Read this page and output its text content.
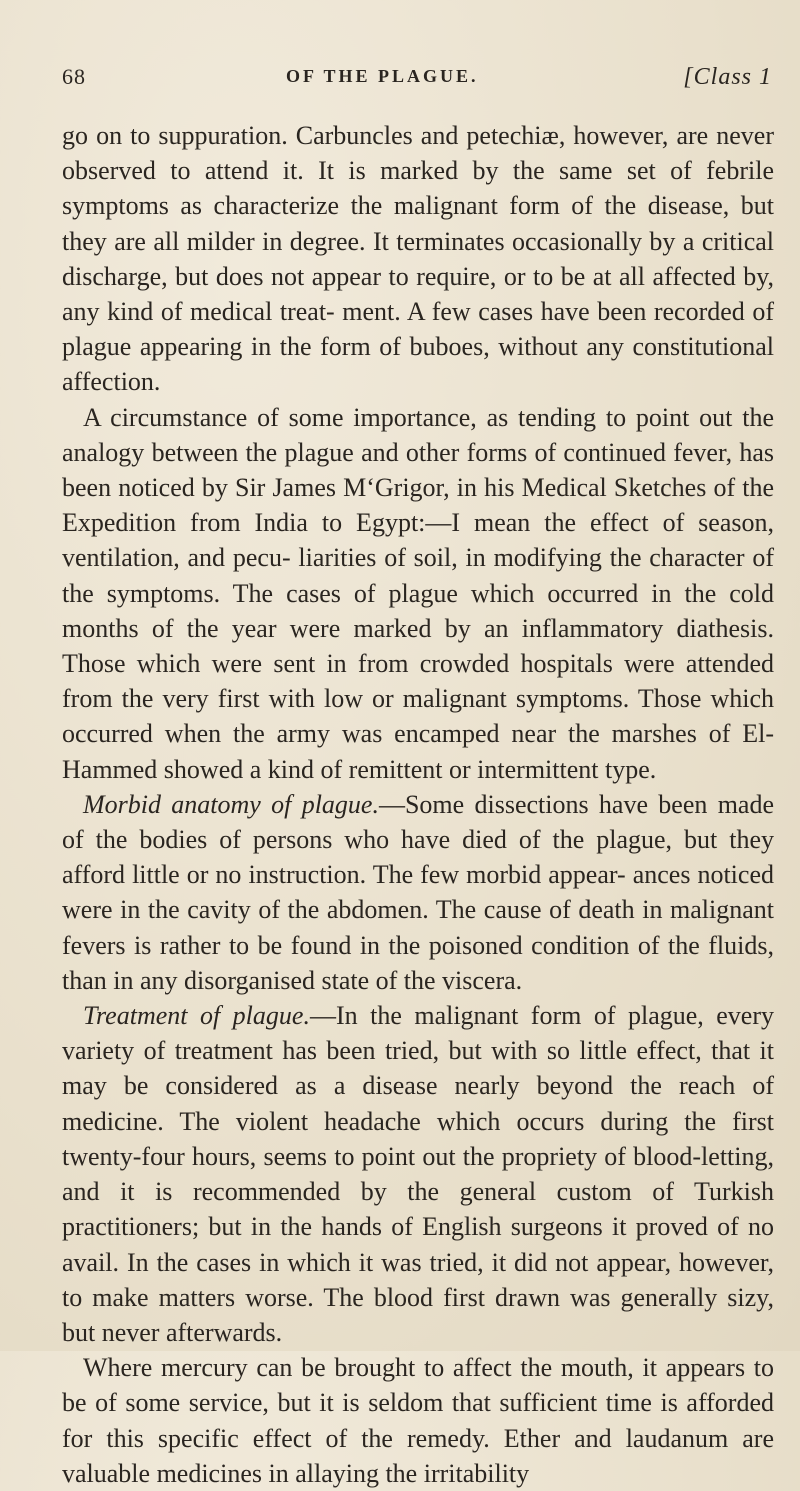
68	OF THE PLAGUE.	[Class 1

go on to suppuration. Carbuncles and petechiæ, however, are never observed to attend it. It is marked by the same set of febrile symptoms as characterize the malignant form of the disease, but they are all milder in degree. It terminates occasionally by a critical discharge, but does not appear to require, or to be at all affected by, any kind of medical treat- ment. A few cases have been recorded of plague appearing in the form of buboes, without any constitutional affection.

A circumstance of some importance, as tending to point out the analogy between the plague and other forms of continued fever, has been noticed by Sir James M‘Grigor, in his Medical Sketches of the Expedition from India to Egypt:—I mean the effect of season, ventilation, and pecu- liarities of soil, in modifying the character of the symptoms. The cases of plague which occurred in the cold months of the year were marked by an inflammatory diathesis. Those which were sent in from crowded hospitals were attended from the very first with low or malignant symptoms. Those which occurred when the army was encamped near the marshes of El-Hammed showed a kind of remittent or intermittent type.

Morbid anatomy of plague.—Some dissections have been made of the bodies of persons who have died of the plague, but they afford little or no instruction. The few morbid appear- ances noticed were in the cavity of the abdomen. The cause of death in malignant fevers is rather to be found in the poisoned condition of the fluids, than in any disorganised state of the viscera.

Treatment of plague.—In the malignant form of plague, every variety of treatment has been tried, but with so little effect, that it may be considered as a disease nearly beyond the reach of medicine. The violent headache which occurs during the first twenty-four hours, seems to point out the propriety of blood-letting, and it is recommended by the general custom of Turkish practitioners; but in the hands of English surgeons it proved of no avail. In the cases in which it was tried, it did not appear, however, to make matters worse. The blood first drawn was generally sizy, but never afterwards.

Where mercury can be brought to affect the mouth, it appears to be of some service, but it is seldom that sufficient time is afforded for this specific effect of the remedy. Ether and laudanum are valuable medicines in allaying the irritability
